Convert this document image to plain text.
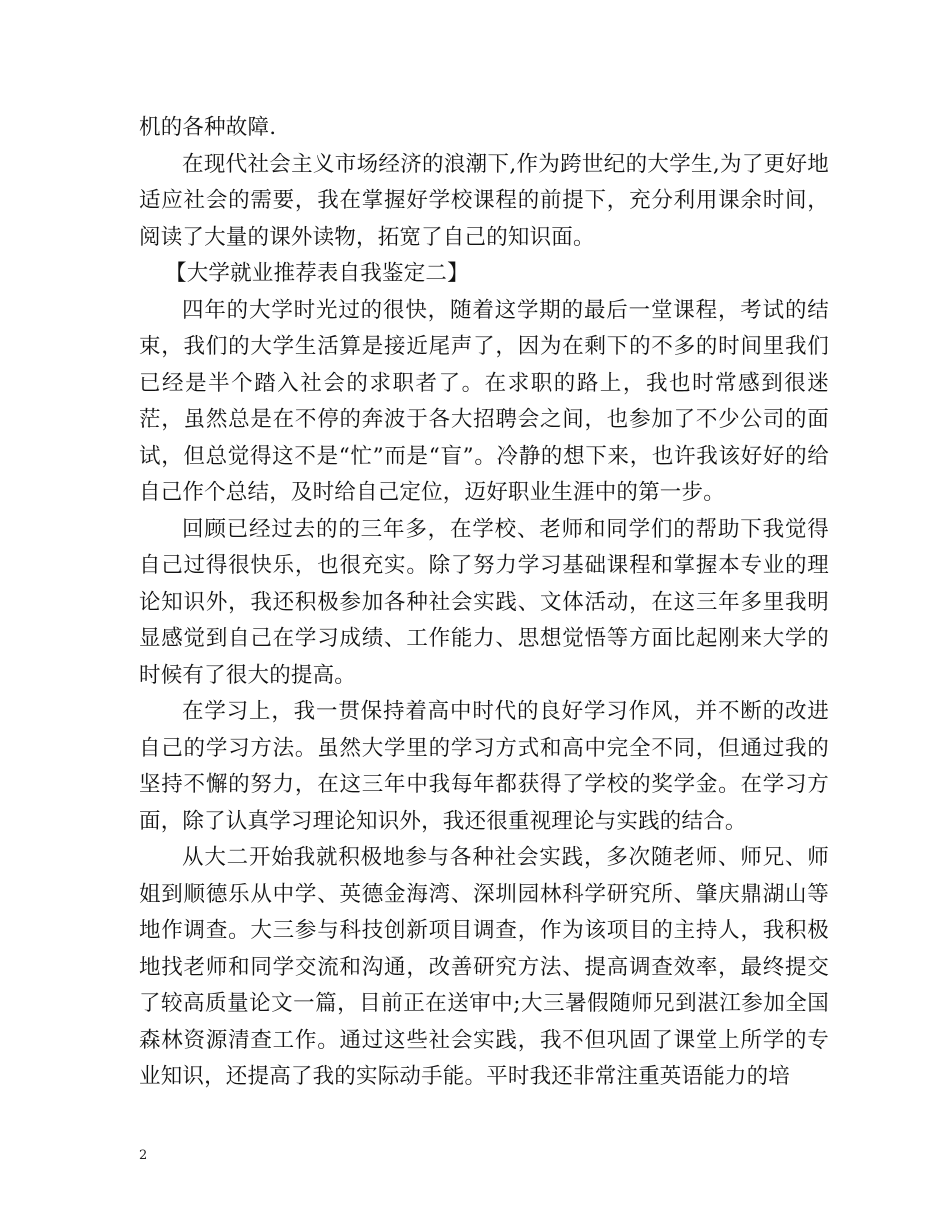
机的各种故障.

在现代社会主义市场经济的浪潮下,作为跨世纪的大学生,为了更好地适应社会的需要，我在掌握好学校课程的前提下，充分利用课余时间，阅读了大量的课外读物，拓宽了自己的知识面。

【大学就业推荐表自我鉴定二】

四年的大学时光过的很快，随着这学期的最后一堂课程，考试的结束，我们的大学生活算是接近尾声了，因为在剩下的不多的时间里我们已经是半个踏入社会的求职者了。在求职的路上，我也时常感到很迷茫，虽然总是在不停的奔波于各大招聘会之间，也参加了不少公司的面试，但总觉得这不是“忙”而是“盲”。冷静的想下来，也许我该好好的给自己作个总结，及时给自己定位，迈好职业生涯中的第一步。

回顾已经过去的的三年多，在学校、老师和同学们的帮助下我觉得自己过得很快乐，也很充实。除了努力学习基础课程和掌握本专业的理论知识外，我还积极参加各种社会实践、文体活动，在这三年多里我明显感觉到自己在学习成绩、工作能力、思想觉悟等方面比起刚来大学的时候有了很大的提高。

在学习上，我一贯保持着高中时代的良好学习作风，并不断的改进自己的学习方法。虽然大学里的学习方式和高中完全不同，但通过我的坚持不懈的努力，在这三年中我每年都获得了学校的奖学金。在学习方面，除了认真学习理论知识外，我还很重视理论与实践的结合。

从大二开始我就积极地参与各种社会实践，多次随老师、师兄、师姐到顺德乐从中学、英德金海湾、深圳园林科学研究所、肇庆鼎湖山等地作调查。大三参与科技创新项目调查，作为该项目的主持人，我积极地找老师和同学交流和沟通，改善研究方法、提高调查效率，最终提交了较高质量论文一篇，目前正在送审中;大三暑假随师兄到湛江参加全国森林资源清查工作。通过这些社会实践，我不但巩固了课堂上所学的专业知识，还提高了我的实际动手能。平时我还非常注重英语能力的培

2
